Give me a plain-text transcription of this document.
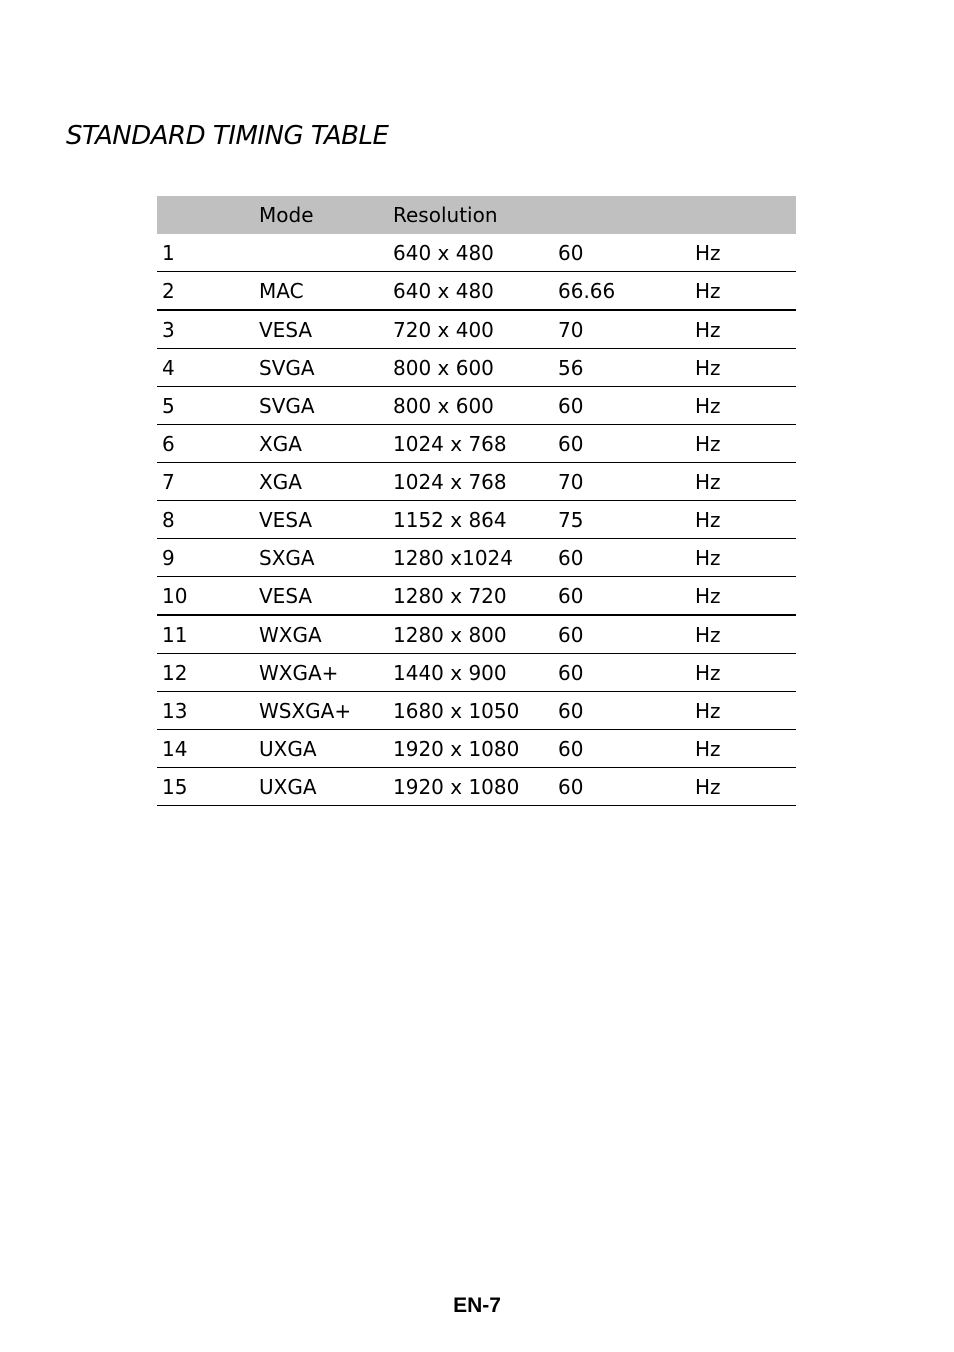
STANDARD TIMING TABLE
	Mode	Resolution		
1		640 x 480	60	Hz
2	MAC	640 x 480	66.66	Hz
3	VESA	720 x 400	70	Hz
4	SVGA	800 x 600	56	Hz
5	SVGA	800 x 600	60	Hz
6	XGA	1024 x 768	60	Hz
7	XGA	1024 x 768	70	Hz
8	VESA	1152 x 864	75	Hz
9	SXGA	1280 x1024	60	Hz
10	VESA	1280 x 720	60	Hz
11	WXGA	1280 x 800	60	Hz
12	WXGA+	1440 x 900	60	Hz
13	WSXGA+	1680 x 1050	60	Hz
14	UXGA	1920 x 1080	60	Hz
15	UXGA	1920 x 1080	60	Hz
EN-7
